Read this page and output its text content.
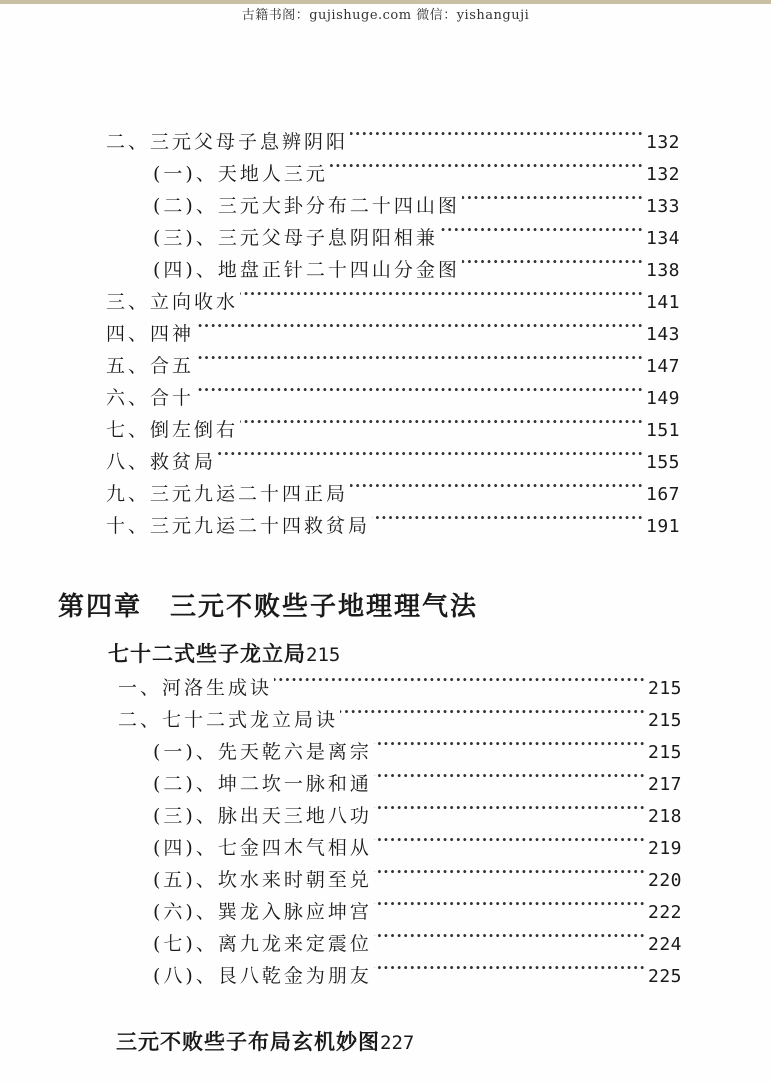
古籍书阁：gujishuge.com 微信：yishanguji
二、三元父母子息辨阴阳 ·····	132
(一)、天地人三元 ·····	132
(二)、三元大卦分布二十四山图 ·····	133
(三)、三元父母子息阴阳相兼 ·····	134
(四)、地盘正针二十四山分金图 ·····	138
三、立向收水 ·····	141
四、四神 ·····	143
五、合五 ·····	147
六、合十 ·····	149
七、倒左倒右 ·····	151
八、救贫局 ·····	155
九、三元九运二十四正局 ·····	167
十、三元九运二十四救贫局 ·····	191
第四章 三元不败些子地理理气法
七十二式些子龙立局215
一、河洛生成诀 ·····	215
二、七十二式龙立局诀 ·····	215
(一)、先天乾六是离宗 ·····	215
(二)、坤二坎一脉和通 ·····	217
(三)、脉出天三地八功 ·····	218
(四)、七金四木气相从 ·····	219
(五)、坎水来时朝至兑 ·····	220
(六)、巽龙入脉应坤宫 ·····	222
(七)、离九龙来定震位 ·····	224
(八)、艮八乾金为朋友 ·····	225
三元不败些子布局玄机妙图227
